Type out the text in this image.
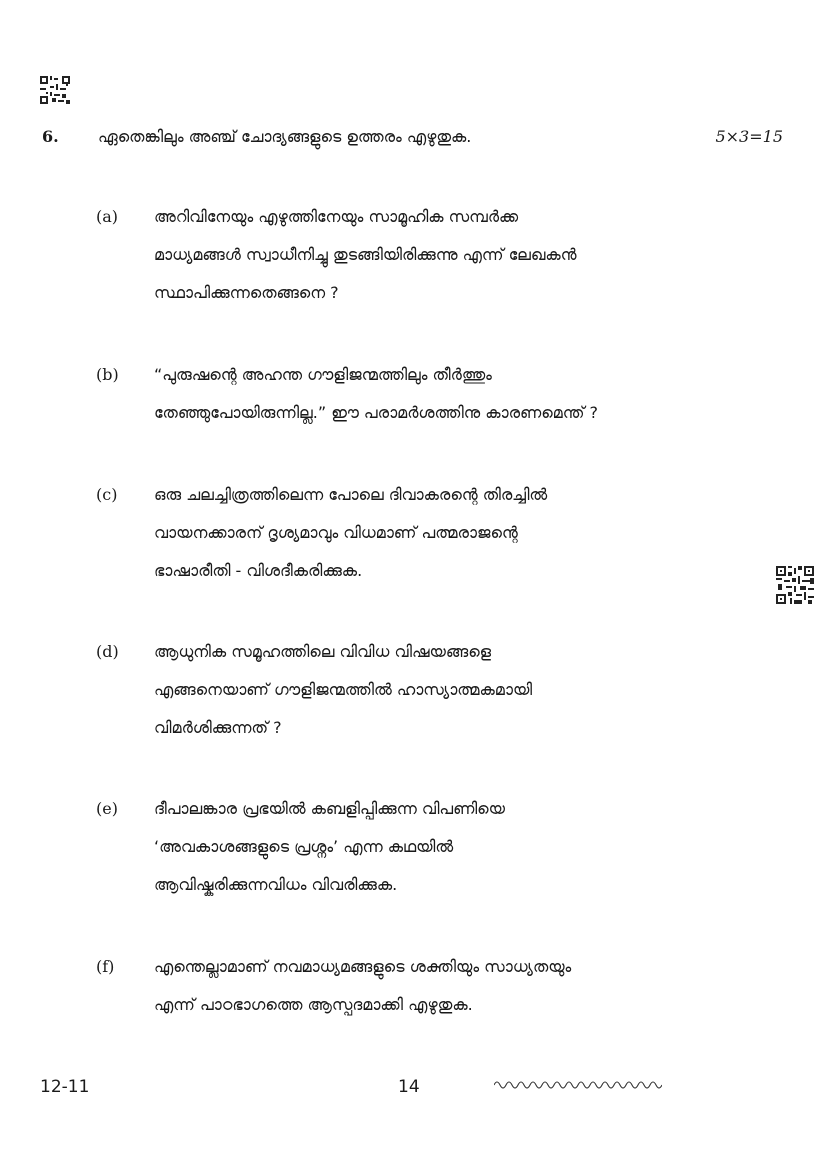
6. ഏതെങ്കിലും അഞ്ച് ചോദ്യങ്ങളുടെ ഉത്തരം എഴുതുക.	5×3=15
(a) അറിവിനേയും എഴുത്തിനേയും സാമൂഹിക സമ്പർക്ക
മാധ്യമങ്ങൾ സ്വാധീനിച്ചു തുടങ്ങിയിരിക്കുന്നു എന്ന് ലേഖകൻ
സ്ഥാപിക്കുന്നതെങ്ങനെ ?
(b) “പുരുഷന്റെ അഹന്ത ഗൗളിജന്മത്തിലും തീർത്തും
തേഞ്ഞുപോയിരുന്നില്ല.” ഈ പരാമർശത്തിനു കാരണമെന്ത് ?
(c) ഒരു ചലച്ചിത്രത്തിലെന്ന പോലെ ദിവാകരന്റെ തിരച്ചിൽ
വായനക്കാരന് ദൃശ്യമാവും വിധമാണ് പത്മരാജന്റെ
ഭാഷാരീതി - വിശദീകരിക്കുക.
(d) ആധുനിക സമൂഹത്തിലെ വിവിധ വിഷയങ്ങളെ
എങ്ങനെയാണ് ഗൗളിജന്മത്തിൽ ഹാസ്യാത്മകമായി
വിമർശിക്കുന്നത് ?
(e) ദീപാലങ്കാര പ്രഭയിൽ കബളിപ്പിക്കുന്ന വിപണിയെ
‘അവകാശങ്ങളുടെ പ്രശ്നം’ എന്ന കഥയിൽ
ആവിഷ്കരിക്കുന്നവിധം വിവരിക്കുക.
(f) എന്തെല്ലാമാണ് നവമാധ്യമങ്ങളുടെ ശക്തിയും സാധ്യതയും
എന്ന് പാഠഭാഗത്തെ ആസ്പദമാക്കി എഴുതുക.
12-11	14
